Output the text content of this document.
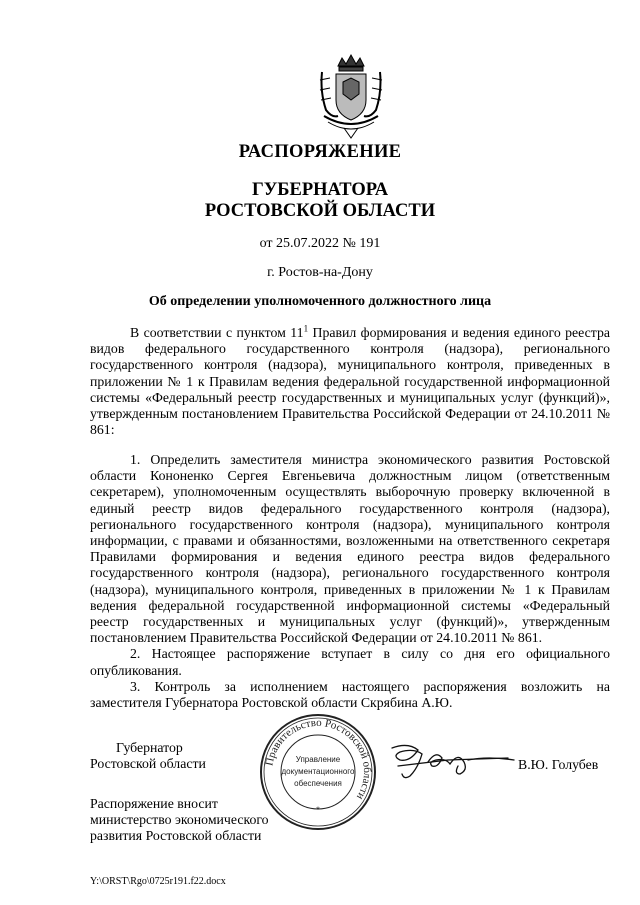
РАСПОРЯЖЕНИЕ
ГУБЕРНАТОРА
РОСТОВСКОЙ ОБЛАСТИ
от 25.07.2022 № 191
г. Ростов-на-Дону
Об определении уполномоченного должностного лица

В соответствии с пунктом $11^1$ Правил формирования и ведения единого реестра видов федерального государственного контроля (надзора), регионального государственного контроля (надзора), муниципального контроля, приведенных в приложении № 1 к Правилам ведения федеральной государственной информационной системы «Федеральный реестр государственных и муниципальных услуг (функций)», утвержденным постановлением Правительства Российской Федерации от 24.10.2011 № 861:

1. Определить заместителя министра экономического развития Ростовской области Кононенко Сергея Евгеньевича должностным лицом (ответственным секретарем), уполномоченным осуществлять выборочную проверку включенной в единый реестр видов федерального государственного контроля (надзора), регионального государственного контроля (надзора), муниципального контроля информации, с правами и обязанностями, возложенными на ответственного секретаря Правилами формирования и ведения единого реестра видов федерального государственного контроля (надзора), регионального государственного контроля (надзора), муниципального контроля, приведенных в приложении № 1 к Правилам ведения федеральной государственной информационной системы «Федеральный реестр государственных и муниципальных услуг (функций)», утвержденным постановлением Правительства Российской Федерации от 24.10.2011 № 861.

2. Настоящее распоряжение вступает в силу со дня его официального опубликования.

3. Контроль за исполнением настоящего распоряжения возложить на заместителя Губернатора Ростовской области Скрябина А.Ю.

Губернатор
Ростовской области	Правительство Ростовской области
Управление
документационного
обеспечения
*
В.Ю. Голубев
Распоряжение вносит
министерство экономического
развития Ростовской области
Y:\ORST\Rgo\0725r191.f22.docx
